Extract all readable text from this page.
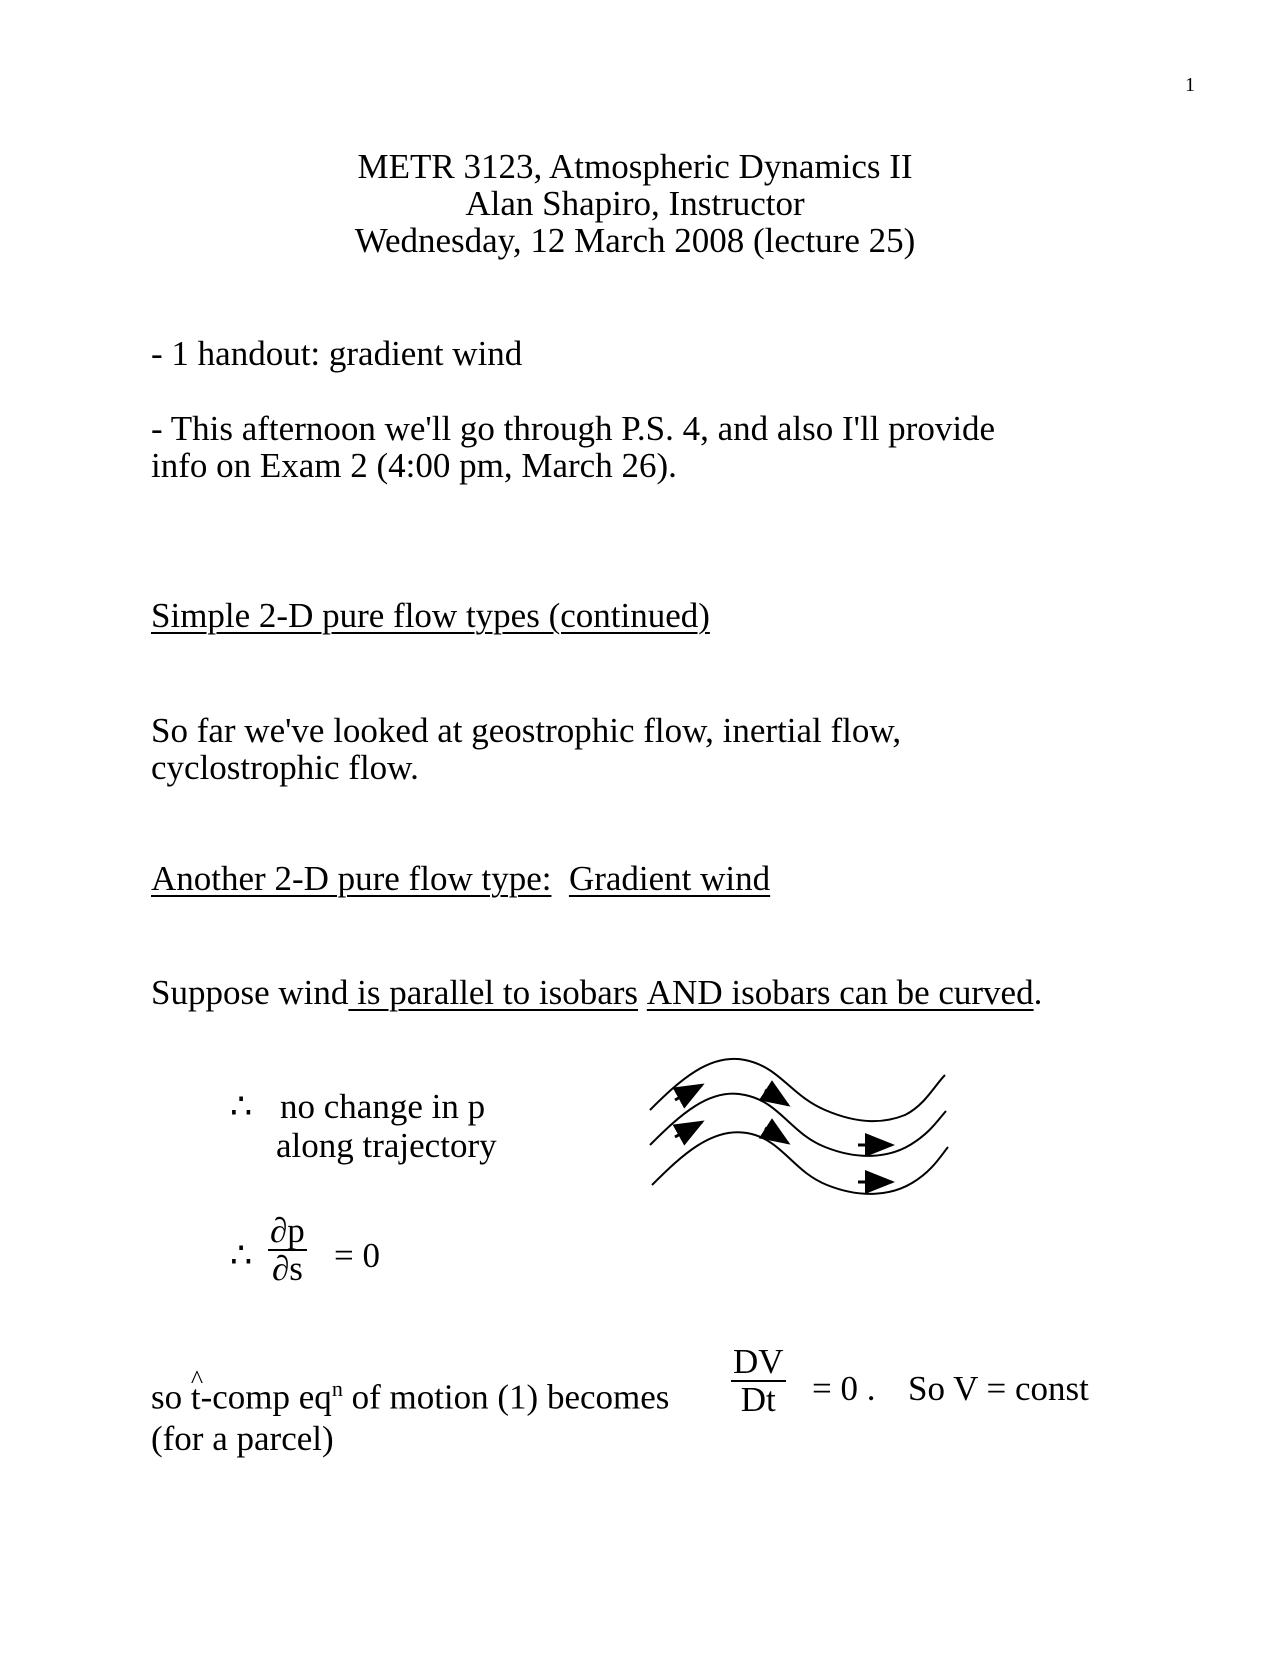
1
METR 3123, Atmospheric Dynamics II
Alan Shapiro, Instructor
Wednesday, 12 March 2008 (lecture 25)
- 1 handout: gradient wind
- This afternoon we'll go through P.S. 4, and also I'll provide
info on Exam 2 (4:00 pm, March 26).
Simple 2-D pure flow types (continued)
So far we've looked at geostrophic flow, inertial flow,
cyclostrophic flow.
Another 2-D pure flow type: Gradient wind
Suppose wind is parallel to isobars AND isobars can be curved.
∴ no change in p
along trajectory
∴ $\frac{\partial p}{\partial s} = 0$
so ^ t-comp $eq^n$ of motion (1) becomes $\frac{DV}{Dt} = 0$ . So V = const
(for a parcel)
